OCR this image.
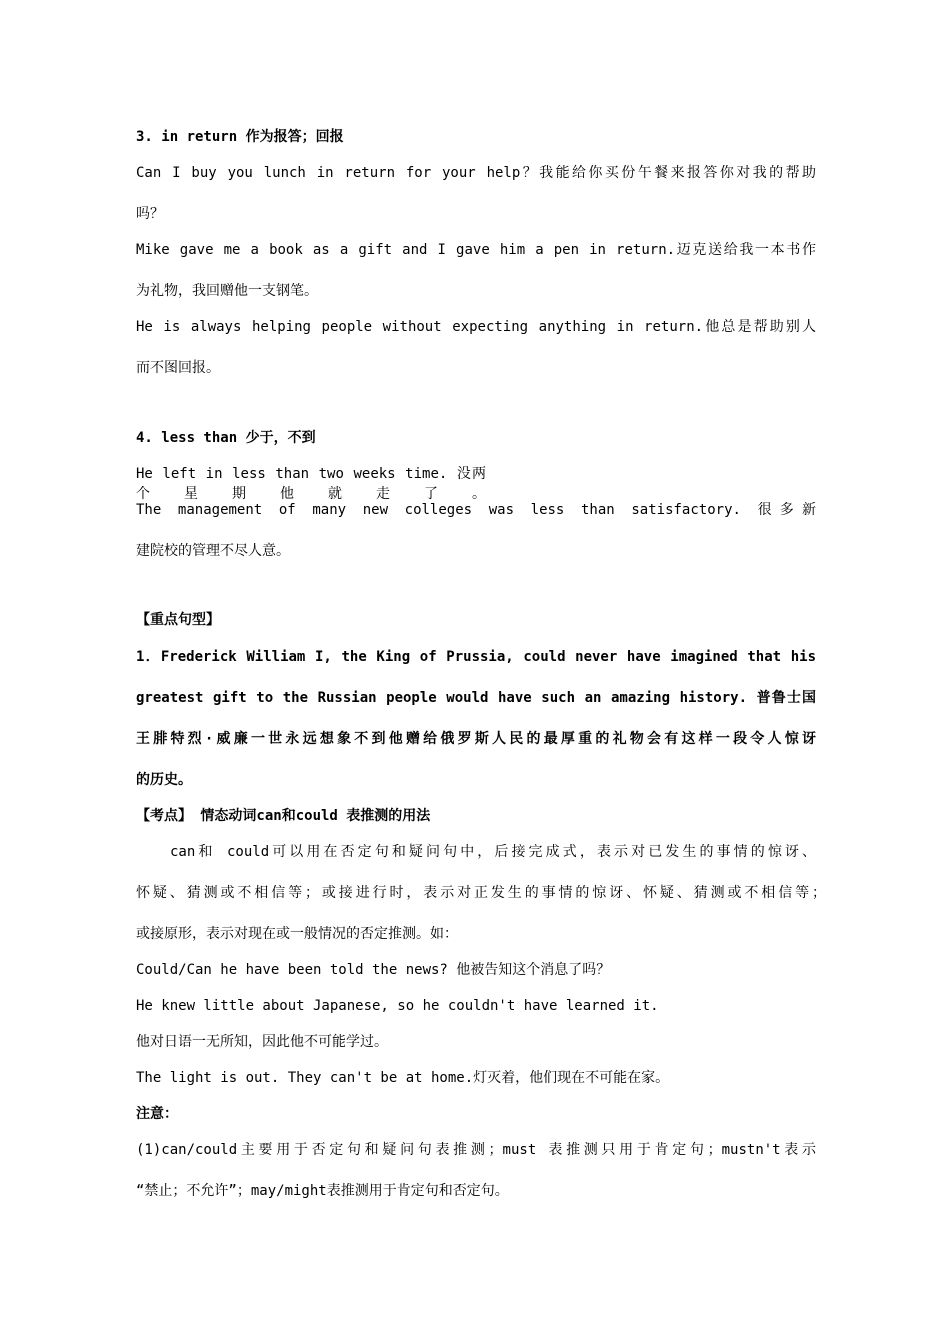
3. in return 作为报答；回报
Can I buy you lunch in return for your help？我能给你买份午餐来报答你对我的帮助
吗？
Mike gave me a book as a gift and I gave him a pen in return.迈克送给我一本书作
为礼物，我回赠他一支钢笔。
He is always helping people without expecting anything in return.他总是帮助别人
而不图回报。
4. less than 少于，不到
He left in less than two weeks time. 没两个星期他就走了。
The management of many new colleges was less than satisfactory. 很多新
建院校的管理不尽人意。
【重点句型】
1．Frederick William I, the King of Prussia, could never have imagined that his
greatest gift to the Russian people would have such an amazing history. 普鲁士国
王腓特烈·威廉一世永远想象不到他赠给俄罗斯人民的最厚重的礼物会有这样一段令人惊讶
的历史。
【考点】 情态动词can和could 表推测的用法
can和 could可以用在否定句和疑问句中，后接完成式，表示对已发生的事情的惊讶、
怀疑、猜测或不相信等；或接进行时，表示对正发生的事情的惊讶、怀疑、猜测或不相信等；
或接原形，表示对现在或一般情况的否定推测。如：
Could/Can he have been told the news? 他被告知这个消息了吗？
He knew little about Japanese, so he couldn't have learned it.
他对日语一无所知，因此他不可能学过。
The light is out. They can't be at home.灯灭着，他们现在不可能在家。
注意：
(1)can/could主要用于否定句和疑问句表推测；must 表推测只用于肯定句；mustn't表示
“禁止；不允许”；may/might表推测用于肯定句和否定句。
